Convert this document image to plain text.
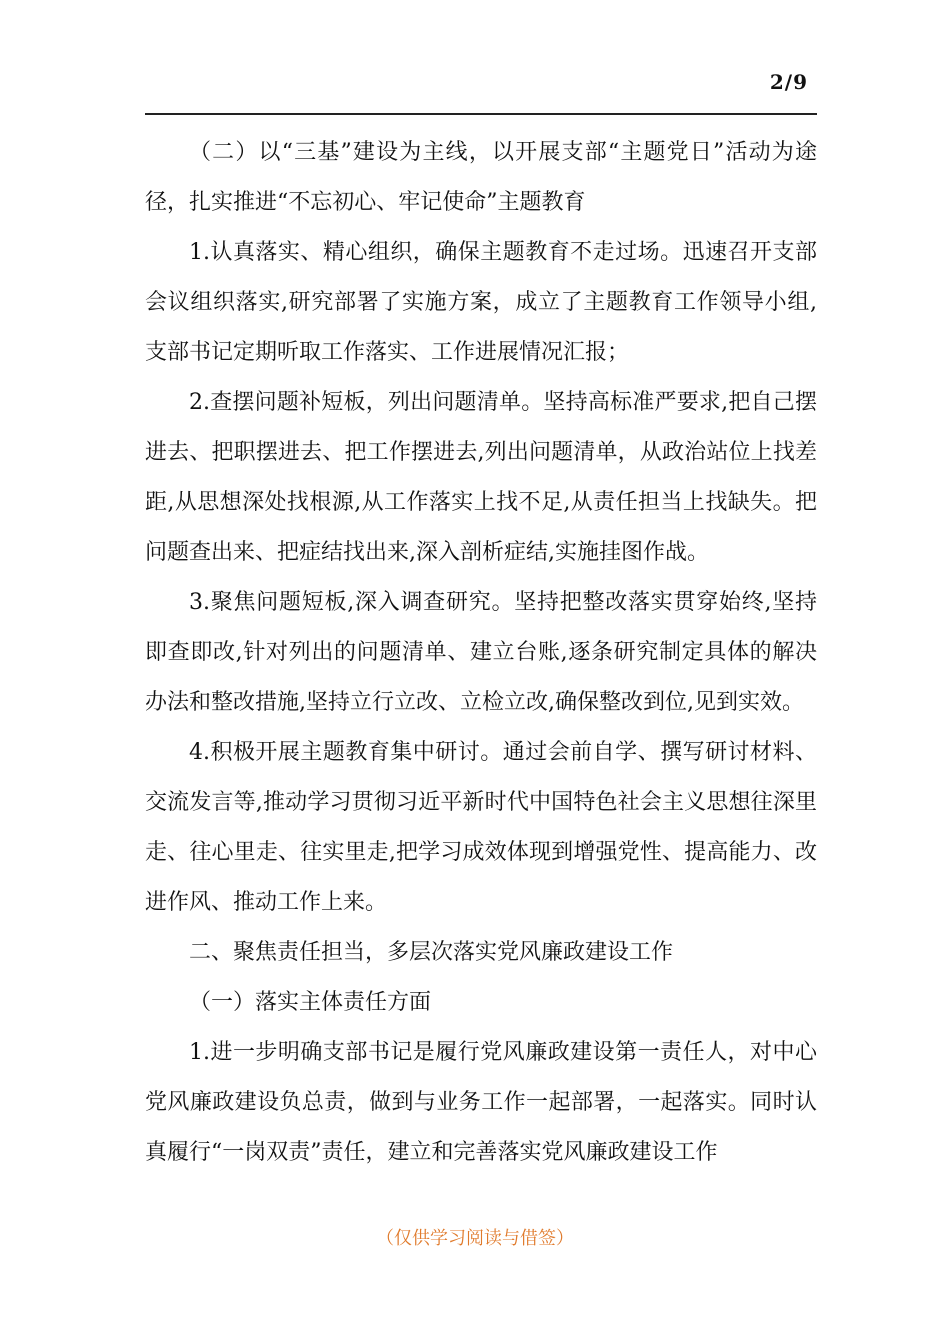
2/9

（二）以“三基”建设为主线，以开展支部“主题党日”活动为途径，扎实推进“不忘初心、牢记使命”主题教育

1.认真落实、精心组织，确保主题教育不走过场。迅速召开支部会议组织落实,研究部署了实施方案，成立了主题教育工作领导小组,支部书记定期听取工作落实、工作进展情况汇报；

2.查摆问题补短板，列出问题清单。坚持高标准严要求,把自己摆进去、把职摆进去、把工作摆进去,列出问题清单，从政治站位上找差距,从思想深处找根源,从工作落实上找不足,从责任担当上找缺失。把问题查出来、把症结找出来,深入剖析症结,实施挂图作战。

3.聚焦问题短板,深入调查研究。坚持把整改落实贯穿始终,坚持即查即改,针对列出的问题清单、建立台账,逐条研究制定具体的解决办法和整改措施,坚持立行立改、立检立改,确保整改到位,见到实效。

4.积极开展主题教育集中研讨。通过会前自学、撰写研讨材料、交流发言等,推动学习贯彻习近平新时代中国特色社会主义思想往深里走、往心里走、往实里走,把学习成效体现到增强党性、提高能力、改进作风、推动工作上来。

二、聚焦责任担当，多层次落实党风廉政建设工作

（一）落实主体责任方面

1.进一步明确支部书记是履行党风廉政建设第一责任人，对中心党风廉政建设负总责，做到与业务工作一起部署，一起落实。同时认真履行“一岗双责”责任，建立和完善落实党风廉政建设工作

（仅供学习阅读与借签）
